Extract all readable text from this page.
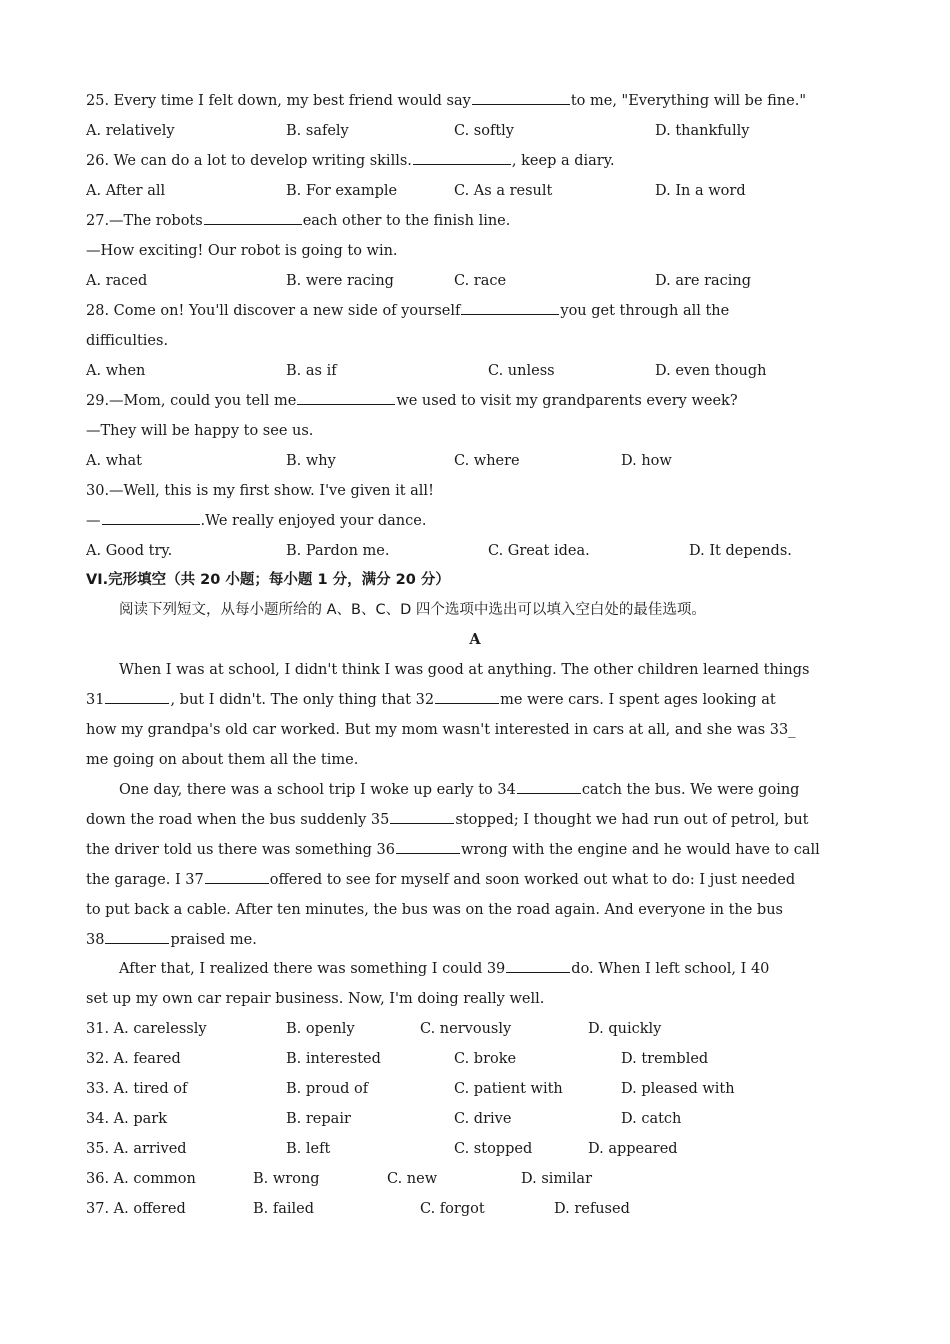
25. Every time I felt down, my best friend would say	to me, "Everything will be fine."
A. relatively	B. safely	C. softly	D. thankfully
26. We can do a lot to develop writing skills.	, keep a diary.
A. After all	B. For example	C. As a result	D. In a word
27.—The robots	each other to the finish line.
—How exciting! Our robot is going to win.
A. raced	B. were racing	C. race	D. are racing
28. Come on! You'll discover a new side of yourself	you get through all the
difficulties.
A. when	B. as if	C. unless	D. even though
29.—Mom, could you tell me	we used to visit my grandparents every week?
—They will be happy to see us.
A. what	B. why	C. where	D. how
30.—Well, this is my first show. I've given it all!
—	.We really enjoyed your dance.
A. Good try.	B. Pardon me.	C. Great idea.	D. It depends.
VI.完形填空（共 20 小题；每小题 1 分，满分 20 分）
阅读下列短文，从每小题所给的 A、B、C、D 四个选项中选出可以填入空白处的最佳选项。
A
When I was at school, I didn't think I was good at anything. The other children learned things
31	, but I didn't. The only thing that 32	me were cars. I spent ages looking at
how my grandpa's old car worked. But my mom wasn't interested in cars at all, and she was 33_
me going on about them all the time.
One day, there was a school trip I woke up early to 34	catch the bus. We were going
down the road when the bus suddenly 35	stopped; I thought we had run out of petrol, but
the driver told us there was something 36	wrong with the engine and he would have to call
the garage. I 37	offered to see for myself and soon worked out what to do: I just needed
to put back a cable. After ten minutes, the bus was on the road again. And everyone in the bus
38	praised me.
After that, I realized there was something I could 39	do. When I left school, I 40
set up my own car repair business. Now, I'm doing really well.
31. A. carelessly	B. openly	C. nervously	D. quickly
32. A. feared	B. interested	C. broke	D. trembled
33. A. tired of	B. proud of	C. patient with	D. pleased with
34. A. park	B. repair	C. drive	D. catch
35. A. arrived	B. left	C. stopped	D. appeared
36. A. common	B. wrong	C. new	D. similar
37. A. offered	B. failed	C. forgot	D. refused
